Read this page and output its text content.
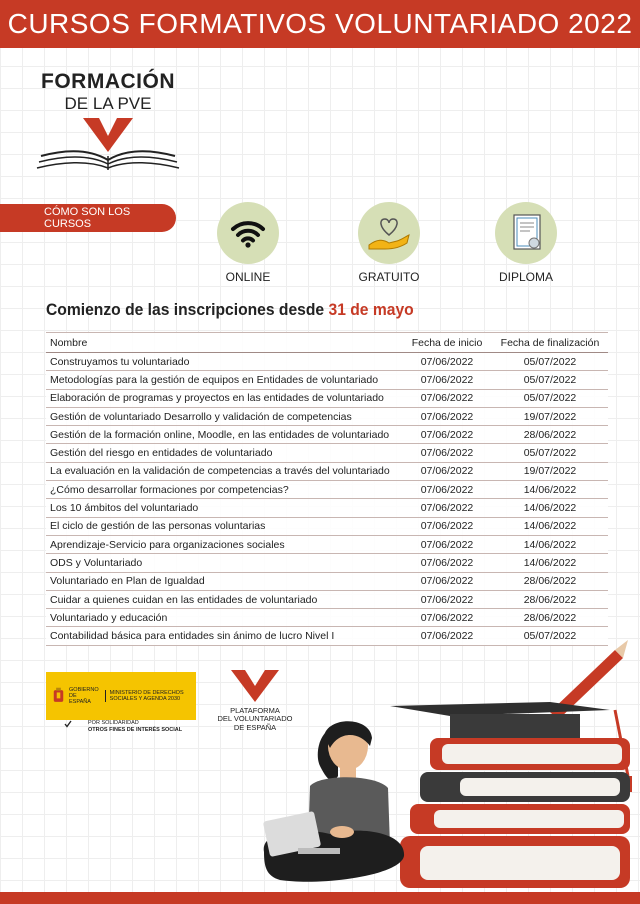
CURSOS FORMATIVOS VOLUNTARIADO 2022
FORMACIÓN
DE LA PVE
CÓMO SON LOS CURSOS
ONLINE	GRATUITO	DIPLOMA
Comienzo de las inscripciones desde 31 de mayo
Nombre	Fecha de inicio	Fecha de finalización
Construyamos tu voluntariado	07/06/2022	05/07/2022
Metodologías para la gestión de equipos en Entidades de voluntariado	07/06/2022	05/07/2022
Elaboración de programas y proyectos en las entidades de voluntariado	07/06/2022	05/07/2022
Gestión de voluntariado Desarrollo y validación de competencias	07/06/2022	19/07/2022
Gestión de la formación online, Moodle, en las entidades de voluntariado	07/06/2022	28/06/2022
Gestión del riesgo en entidades de voluntariado	07/06/2022	05/07/2022
La evaluación en la validación de competencias a través del voluntariado	07/06/2022	19/07/2022
¿Cómo desarrollar formaciones por competencias?	07/06/2022	14/06/2022
Los 10 ámbitos del voluntariado	07/06/2022	14/06/2022
El ciclo de gestión de las personas voluntarias	07/06/2022	14/06/2022
Aprendizaje-Servicio para organizaciones sociales	07/06/2022	14/06/2022
ODS y Voluntariado	07/06/2022	14/06/2022
Voluntariado en Plan de Igualdad	07/06/2022	28/06/2022
Cuidar a quienes cuidan en las entidades de voluntariado	07/06/2022	28/06/2022
Voluntariado y educación	07/06/2022	28/06/2022
Contabilidad básica para entidades sin ánimo de lucro Nivel I	07/06/2022	05/07/2022
GOBIERNO DE ESPAÑA
MINISTERIO DE DERECHOS SOCIALES Y AGENDA 2030
POR SOLIDARIDAD
OTROS FINES DE INTERÉS SOCIAL
PLATAFORMA
DEL VOLUNTARIADO
DE ESPAÑA
